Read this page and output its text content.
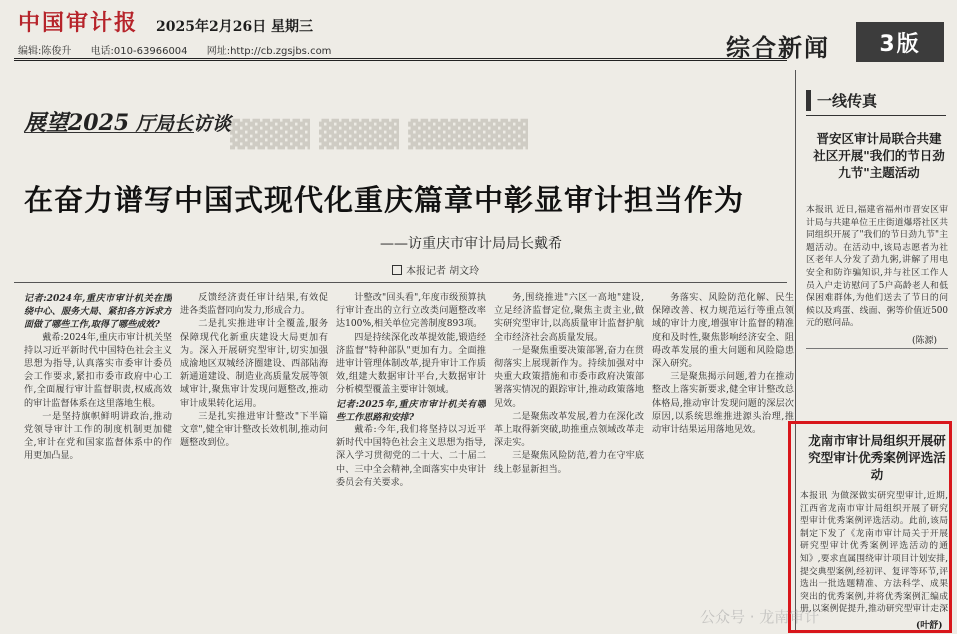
中国审计报 2025年2月26日 星期三
编辑:陈俊升 电话:010-63966004 网址:http://cb.zgsjbs.com	综合新闻	3版
▓▓▓▓ ▓▓▓▓ ▓▓▓▓▓▓
展望2025 厅局长访谈
在奋力谱写中国式现代化重庆篇章中彰显审计担当作为
——访重庆市审计局局长戴希
本报记者 胡文玲

记者:2024年,重庆市审计机关在围绕中心、服务大局、紧扣各方诉求方面做了哪些工作,取得了哪些成效?

戴希:2024年,重庆市审计机关坚持以习近平新时代中国特色社会主义思想为指导,认真落实市委审计委员会工作要求,紧扣市委市政府中心工作,全面履行审计监督职责,权威高效的审计监督体系在这里落地生根。

一是坚持旗帜鲜明讲政治,推动党领导审计工作的制度机制更加健全,审计在党和国家监督体系中的作用更加凸显。

反馈经济责任审计结果,有效促进各类监督同向发力,形成合力。

二是扎实推进审计全覆盖,服务保障现代化新重庆建设大局更加有为。深入开展研究型审计,切实加强成渝地区双城经济圈建设、西部陆海新通道建设、制造业高质量发展等领域审计,聚焦审计发现问题整改,推动审计成果转化运用。

三是扎实推进审计整改"下半篇文章",健全审计整改长效机制,推动问题整改到位。

计整改"回头看",年度市级预算执行审计查出的立行立改类问题整改率达100%,相关单位完善制度893项。

四是持续深化改革提效能,锻造经济监督"特种部队"更加有力。全面推进审计管理体制改革,提升审计工作质效,组建大数据审计平台,大数据审计分析模型覆盖主要审计领域。

记者:2025年,重庆市审计机关有哪些工作思路和安排?

戴希:今年,我们将坚持以习近平新时代中国特色社会主义思想为指导,深入学习贯彻党的二十大、二十届二中、三中全会精神,全面落实中央审计委员会有关要求。

务,围绕推进"六区一高地"建设,立足经济监督定位,聚焦主责主业,做实研究型审计,以高质量审计监督护航全市经济社会高质量发展。

一是聚焦重要决策部署,奋力在贯彻落实上展现新作为。持续加强对中央重大政策措施和市委市政府决策部署落实情况的跟踪审计,推动政策落地见效。

二是聚焦改革发展,着力在深化改革上取得新突破,助推重点领域改革走深走实。

三是聚焦风险防范,着力在守牢底线上彰显新担当。

务落实、风险防范化解、民生保障改善、权力规范运行等重点领域的审计力度,增强审计监督的精准度和及时性,聚焦影响经济安全、阻碍改革发展的重大问题和风险隐患深入研究。

三是聚焦揭示问题,着力在推动整改上落实新要求,健全审计整改总体格局,推动审计发现问题的深层次原因,以系统思维推进源头治理,推动审计结果运用落地见效。

一线传真
晋安区审计局联合共建社区开展"我们的节日劲九节"主题活动
本报讯 近日,福建省福州市晋安区审计局与共建单位王庄街道爆塔社区共同组织开展了"我们的节日劲九节"主题活动。在活动中,该局志愿者为社区老年人分发了劲九粥,讲解了用电安全和防诈骗知识,并与社区工作人员入户走访慰问了5户高龄老人和低保困难群体,为他们送去了节日的问候以及鸡蛋、线面、粥等价值近500元的慰问品。
(陈源)
龙南市审计局组织开展研究型审计优秀案例评选活动
本报讯 为做深做实研究型审计,近期,江西省龙南市审计局组织开展了研究型审计优秀案例评选活动。此前,该局制定下发了《龙南市审计局关于开展研究型审计优秀案例评选活动的通知》,要求直属围绕审计项目计划安排,提交典型案例,经初评、复评等环节,评选出一批选题精准、方法科学、成果突出的优秀案例,并将优秀案例汇编成册,以案例促提升,推动研究型审计走深
公众号 · 龙南审计	(叶舒)
